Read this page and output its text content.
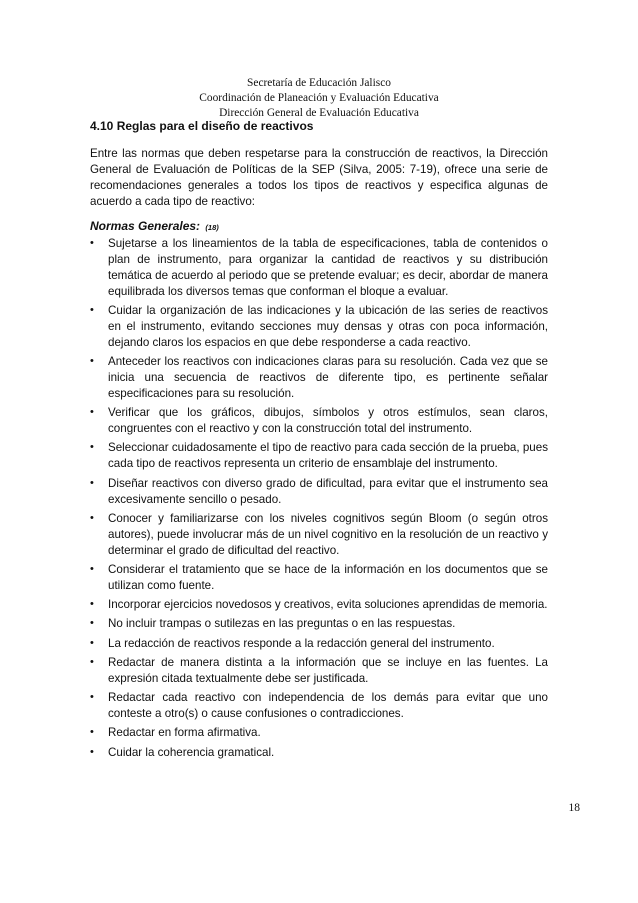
Secretaría de Educación Jalisco
Coordinación de Planeación y Evaluación Educativa
Dirección General de Evaluación Educativa
4.10 Reglas para el diseño de reactivos

Entre las normas que deben respetarse para la construcción de reactivos, la Dirección General de Evaluación de Políticas de la SEP (Silva, 2005: 7-19), ofrece una serie de recomendaciones generales a todos los tipos de reactivos y especifica algunas de acuerdo a cada tipo de reactivo:

Normas Generales: (18)
• Sujetarse a los lineamientos de la tabla de especificaciones, tabla de contenidos o plan de instrumento, para organizar la cantidad de reactivos y su distribución temática de acuerdo al periodo que se pretende evaluar; es decir, abordar de manera equilibrada los diversos temas que conforman el bloque a evaluar.
• Cuidar la organización de las indicaciones y la ubicación de las series de reactivos en el instrumento, evitando secciones muy densas y otras con poca información, dejando claros los espacios en que debe responderse a cada reactivo.
• Anteceder los reactivos con indicaciones claras para su resolución. Cada vez que se inicia una secuencia de reactivos de diferente tipo, es pertinente señalar especificaciones para su resolución.
• Verificar que los gráficos, dibujos, símbolos y otros estímulos, sean claros, congruentes con el reactivo y con la construcción total del instrumento.
• Seleccionar cuidadosamente el tipo de reactivo para cada sección de la prueba, pues cada tipo de reactivos representa un criterio de ensamblaje del instrumento.
• Diseñar reactivos con diverso grado de dificultad, para evitar que el instrumento sea excesivamente sencillo o pesado.
• Conocer y familiarizarse con los niveles cognitivos según Bloom (o según otros autores), puede involucrar más de un nivel cognitivo en la resolución de un reactivo y determinar el grado de dificultad del reactivo.
• Considerar el tratamiento que se hace de la información en los documentos que se utilizan como fuente.
• Incorporar ejercicios novedosos y creativos, evita soluciones aprendidas de memoria.
• No incluir trampas o sutilezas en las preguntas o en las respuestas.
• La redacción de reactivos responde a la redacción general del instrumento.
• Redactar de manera distinta a la información que se incluye en las fuentes. La expresión citada textualmente debe ser justificada.
• Redactar cada reactivo con independencia de los demás para evitar que uno conteste a otro(s) o cause confusiones o contradicciones.
• Redactar en forma afirmativa.
• Cuidar la coherencia gramatical.
18
